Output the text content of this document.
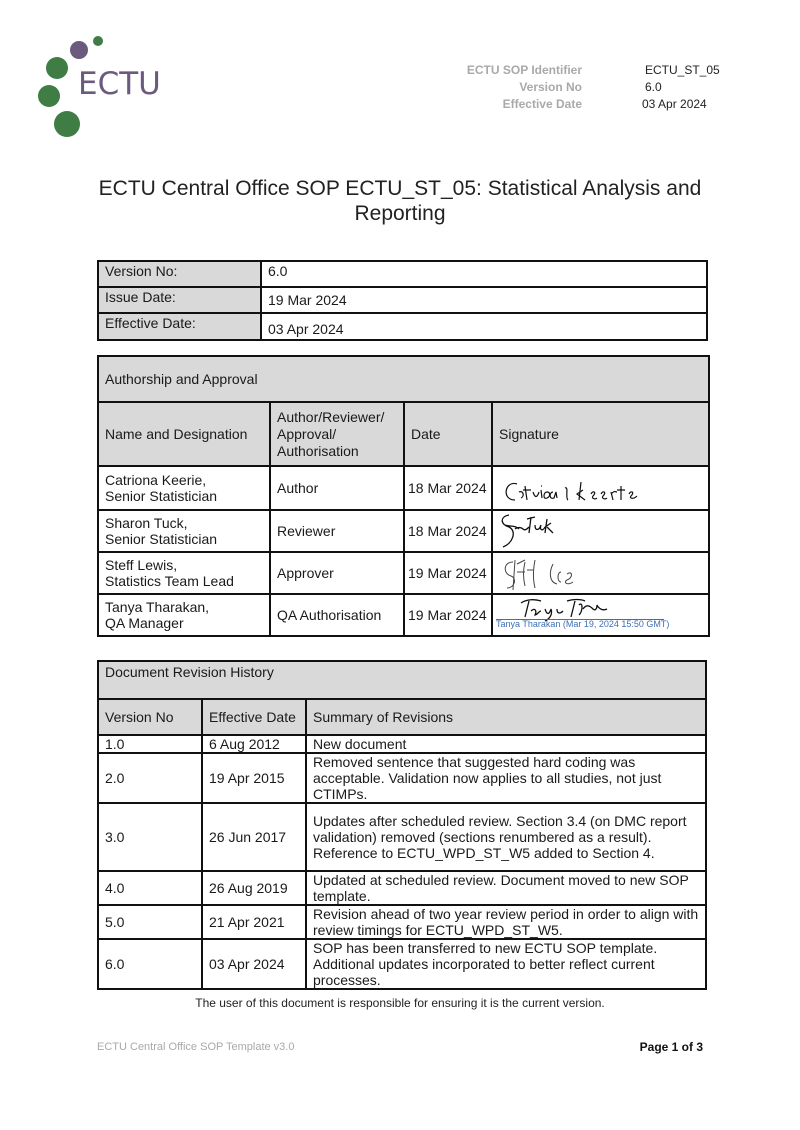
ECTU	ECTU SOP Identifier	ECTU_ST_05
Version No	6.0
Effective Date	03 Apr 2024
ECTU Central Office SOP ECTU_ST_05: Statistical Analysis and Reporting
Version No:	6.0
Issue Date:	19 Mar 2024
Effective Date:	03 Apr 2024
Authorship and Approval			
Name and Designation	Author/Reviewer/ Approval/ Authorisation	Date	Signature

Catriona Keerie,
Senior Statistician	Author	18 Mar 2024	

Sharon Tuck,
Senior Statistician	Reviewer	18 Mar 2024	

Steff Lewis,
Statistics Team Lead	Approver	19 Mar 2024	

Tanya Tharakan,
QA Manager	QA Authorisation	19 Mar 2024	Tanya Tharakan (Mar 19, 2024 15:50 GMT)
Document Revision History		
Version No	Effective Date	Summary of Revisions
1.0	6 Aug 2012	New document
2.0	19 Apr 2015	Removed sentence that suggested hard coding was acceptable. Validation now applies to all studies, not just CTIMPs.
3.0	26 Jun 2017	Updates after scheduled review. Section 3.4 (on DMC report validation) removed (sections renumbered as a result). Reference to ECTU_WPD_ST_W5 added to Section 4.
4.0	26 Aug 2019	Updated at scheduled review. Document moved to new SOP template.
5.0	21 Apr 2021	Revision ahead of two year review period in order to align with review timings for ECTU_WPD_ST_W5.
6.0	03 Apr 2024	SOP has been transferred to new ECTU SOP template. Additional updates incorporated to better reflect current processes.
The user of this document is responsible for ensuring it is the current version.
ECTU Central Office SOP Template v3.0	Page 1 of 3
